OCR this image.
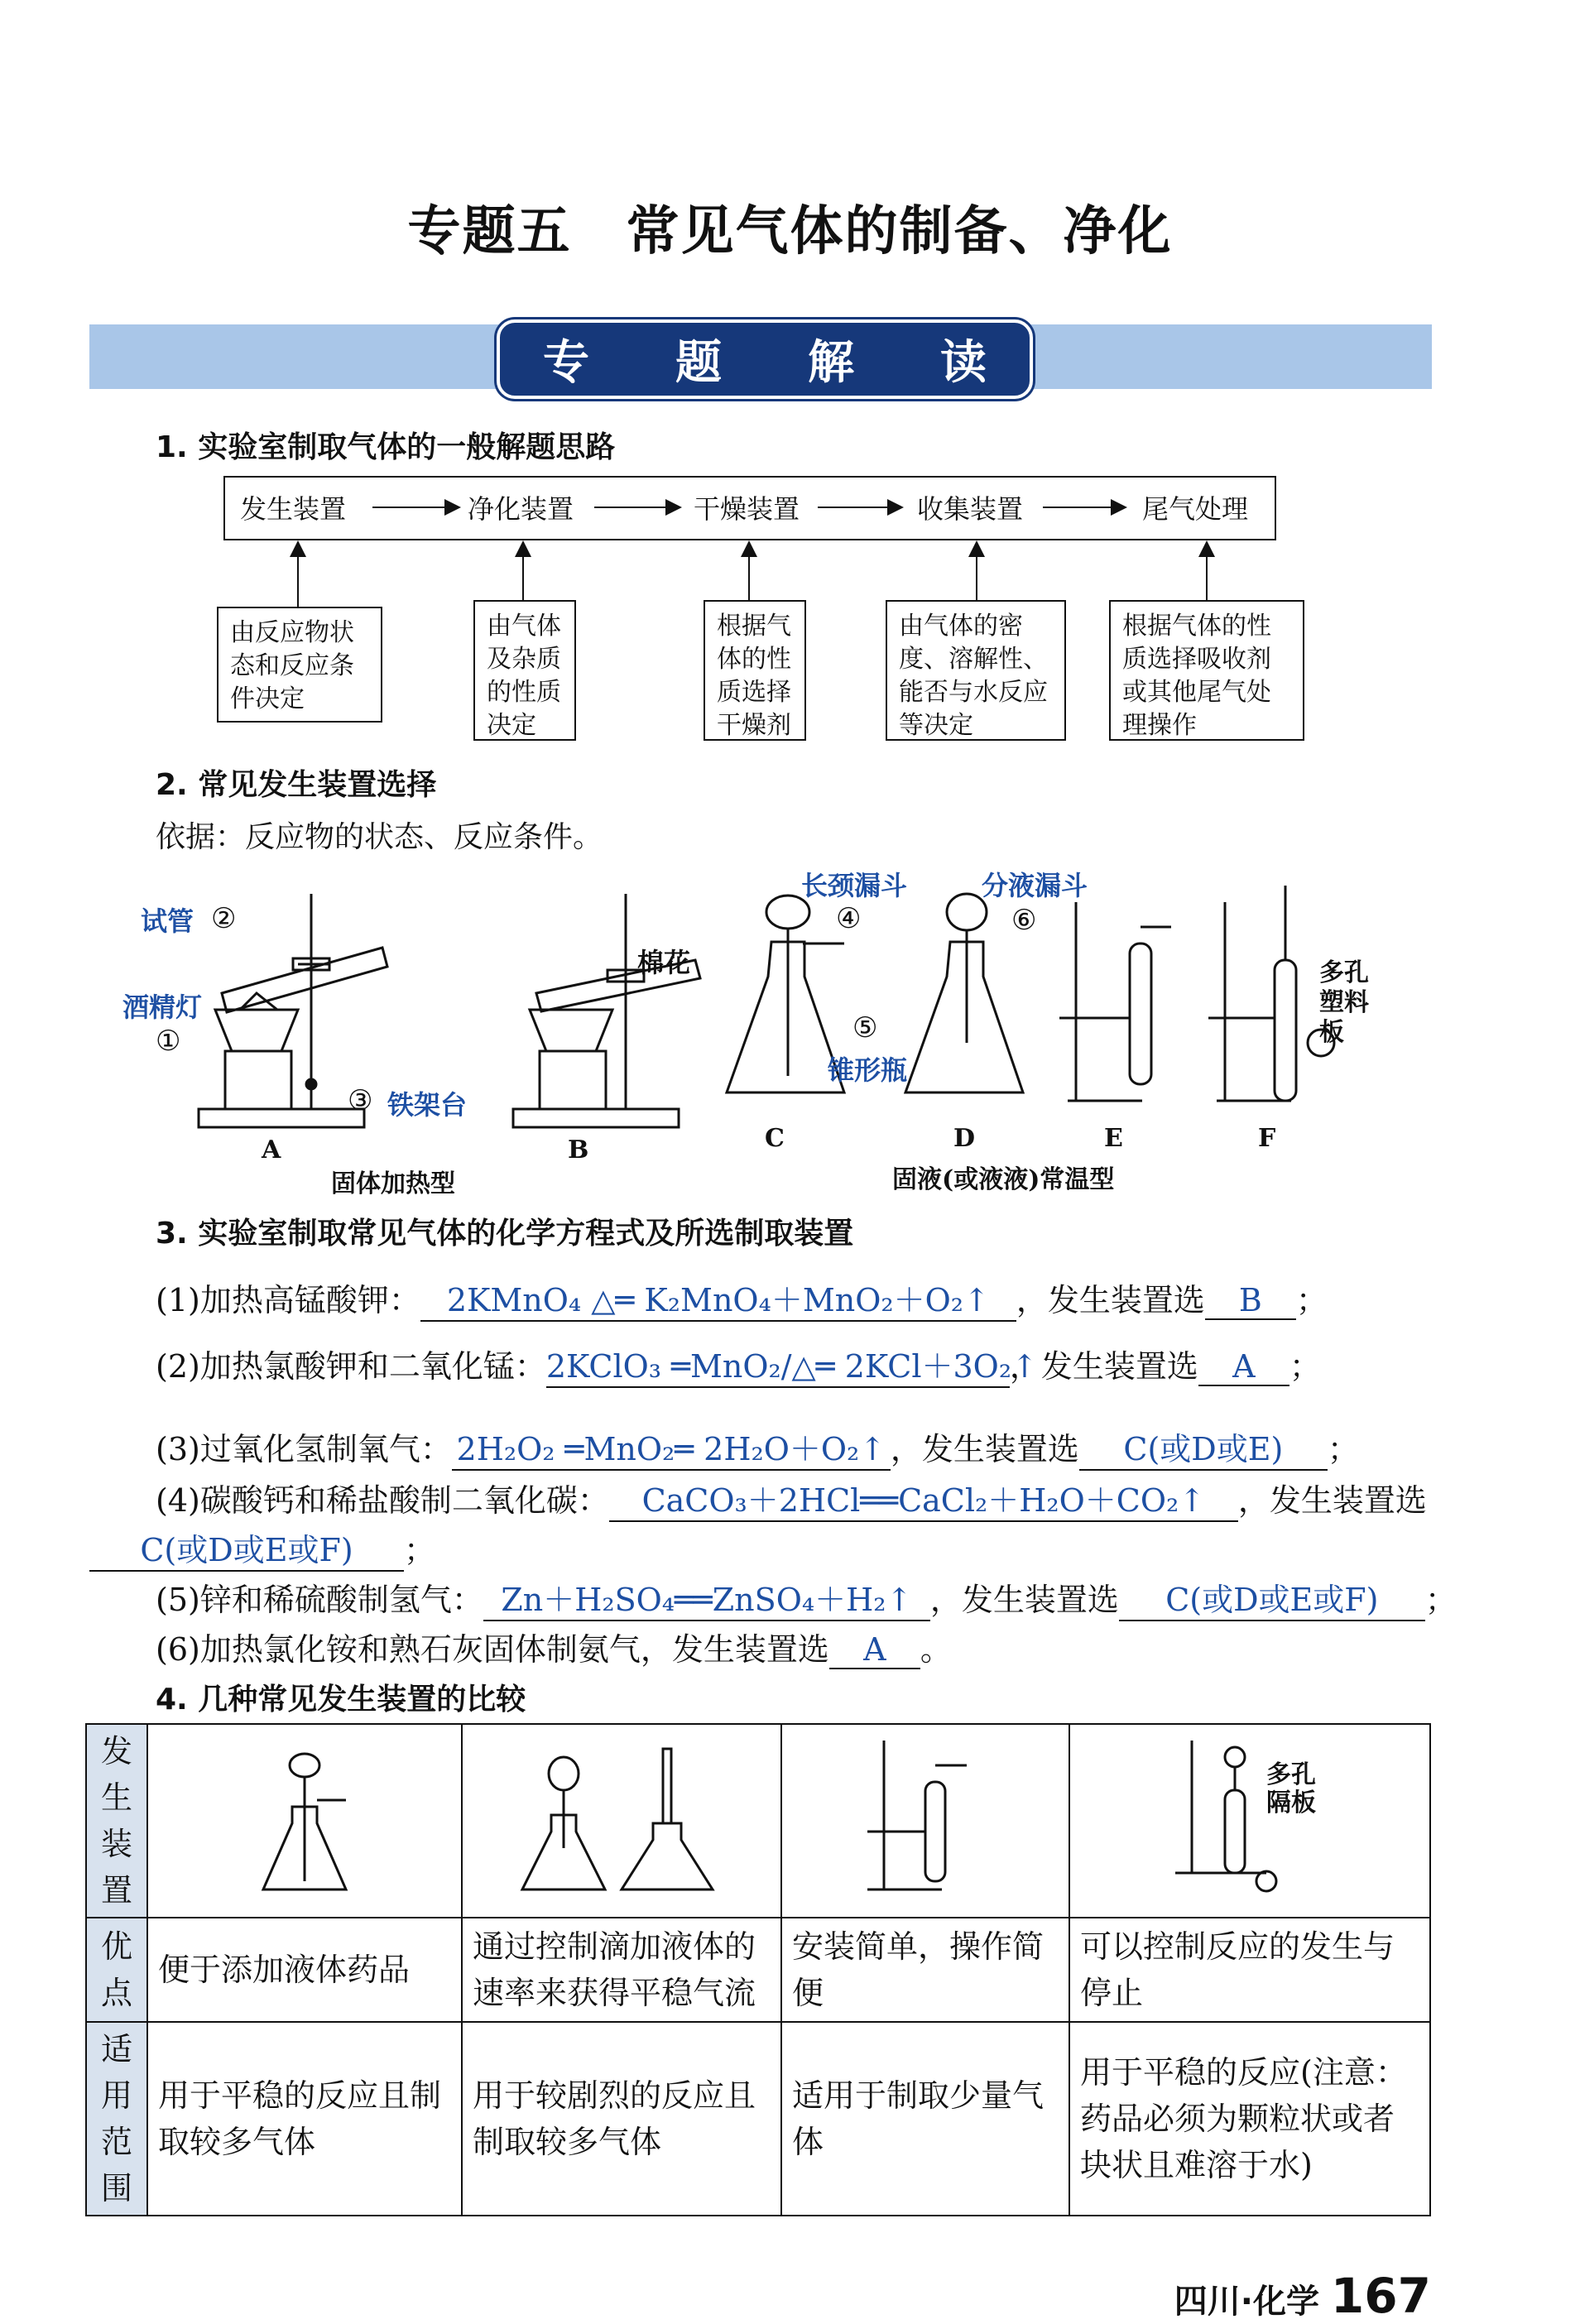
专题五　常见气体的制备、净化
专 题 解 读
1. 实验室制取气体的一般解题思路
发生装置	净化装置	干燥装置	收集装置	尾气处理
由反应物状态和反应条件决定
由气体及杂质的性质决定
根据气体的性质选择干燥剂
由气体的密度、溶解性、能否与水反应等决定
根据气体的性质选择吸收剂或其他尾气处理操作
2. 常见发生装置选择
依据：反应物的状态、反应条件。
试管 ②
酒精灯
①
③ 铁架台
棉花
长颈漏斗
④
分液漏斗
⑥
⑤
锥形瓶
多孔塑料板
A	B	C	D	E	F
固体加热型	固液(或液液)常温型
3. 实验室制取常见气体的化学方程式及所选制取装置
(1)加热高锰酸钾： 2KMnO₄ △═ K₂MnO₄＋MnO₂＋O₂↑ ，发生装置选 B ；
(2)加热氯酸钾和二氧化锰：2KClO₃ ═MnO₂/△═ 2KCl＋3O₂↑，发生装置选 A ；
(3)过氧化氢制氧气： 2H₂O₂ ═MnO₂═ 2H₂O＋O₂↑ ，发生装置选 C(或D或E) ；
(4)碳酸钙和稀盐酸制二氧化碳： CaCO₃＋2HCl══CaCl₂＋H₂O＋CO₂↑ ，发生装置选
C(或D或E或F) ；
(5)锌和稀硫酸制氢气： Zn＋H₂SO₄══ZnSO₄＋H₂↑ ，发生装置选 C(或D或E或F) ；
(6)加热氯化铵和熟石灰固体制氨气，发生装置选 A 。
4. 几种常见发生装置的比较
发生装置				多孔隔板

优点	便于添加液体药品	通过控制滴加液体的速率来获得平稳气流	安装简单，操作简便	可以控制反应的发生与停止
适用范围	用于平稳的反应且制取较多气体	用于较剧烈的反应且制取较多气体	适用于制取少量气体	用于平稳的反应(注意：药品必须为颗粒状或者块状且难溶于水)
四川·化学 167
